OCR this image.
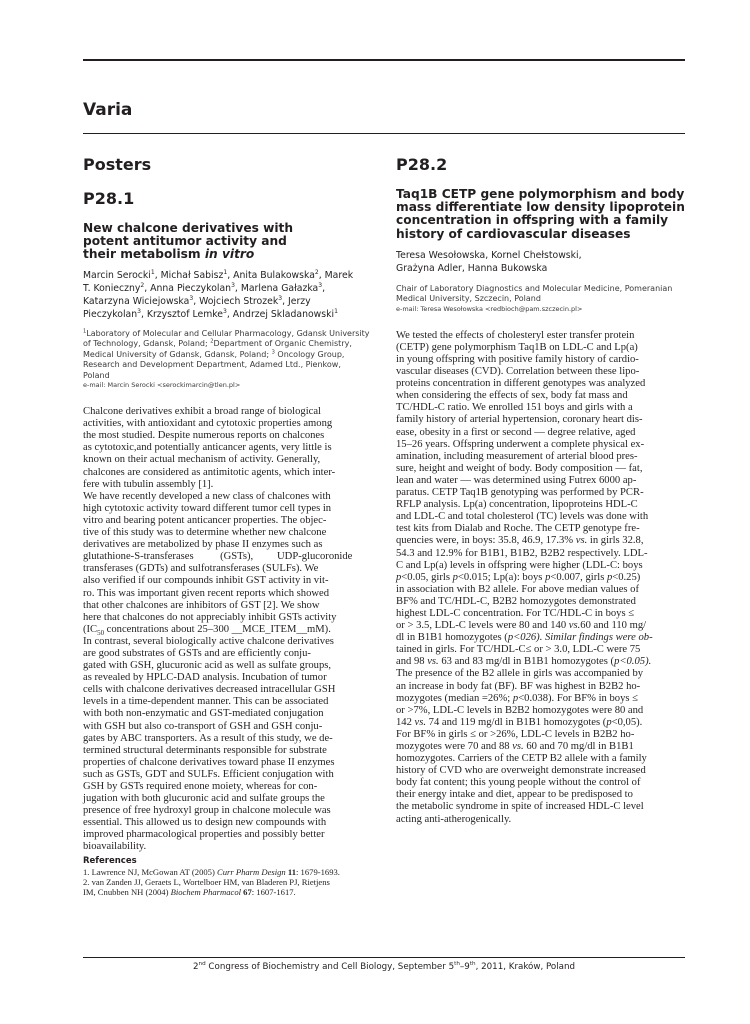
Varia
Posters
P28.1
New chalcone derivatives with
potent antitumor activity and
their metabolism in vitro
Marcin Serocki$^1$, Michał Sabisz$^1$, Anita Bulakowska$^2$, Marek
T. Konieczny$^2$, Anna Pieczykolan$^3$, Marlena Gałazka$^3$,
Katarzyna Wiciejowska$^3$, Wojciech Strozek$^3$, Jerzy
Pieczykolan$^3$, Krzysztof Lemke$^3$, Andrzej Skladanowski$^1$
$^1$Laboratory of Molecular and Cellular Pharmacology, Gdansk University
of Technology, Gdansk, Poland; $^2$Department of Organic Chemistry,
Medical University of Gdansk, Gdansk, Poland; $^3$ Oncology Group,
Research and Development Department, Adamed Ltd., Pienkow,
Poland
e-mail: Marcin Serocki <serockimarcin@tlen.pl>
Chalcone derivatives exhibit a broad range of biological
activities, with antioxidant and cytotoxic properties among
the most studied. Despite numerous reports on chalcones
as cytotoxic,and potentially anticancer agents, very little is
known on their actual mechanism of activity. Generally,
chalcones are considered as antimitotic agents, which inter-
fere with tubulin assembly [1].
We have recently developed a new class of chalcones with
high cytotoxic activity toward different tumor cell types in
vitro and bearing potent anticancer properties. The objec-
tive of this study was to determine whether new chalcone
derivatives are metabolized by phase II enzymes such as
glutathione-S-transferases          (GSTs),         UDP-glucoronide
transferases (GDTs) and sulfotransferases (SULFs). We
also verified if our compounds inhibit GST activity in vit-
ro. This was important given recent reports which showed
that other chalcones are inhibitors of GST [2]. We show
here that chalcones do not appreciably inhibit GSTs activity
($IC_{50}$ concentrations about 25–300 __MCE_ITEM__mM).
In contrast, several biologically active chalcone derivatives
are good substrates of GSTs and are efficiently conju-
gated with GSH, glucuronic acid as well as sulfate groups,
as revealed by HPLC-DAD analysis. Incubation of tumor
cells with chalcone derivatives decreased intracellular GSH
levels in a time-dependent manner. This can be associated
with both non-enzymatic and GST-mediated conjugation
with GSH but also co-transport of GSH and GSH conju-
gates by ABC transporters. As a result of this study, we de-
termined structural determinants responsible for substrate
properties of chalcone derivatives toward phase II enzymes
such as GSTs, GDT and SULFs. Efficient conjugation with
GSH by GSTs required enone moiety, whereas for con-
jugation with both glucuronic acid and sulfate groups the
presence of free hydroxyl group in chalcone molecule was
essential. This allowed us to design new compounds with
improved pharmacological properties and possibly better
bioavailability.
References
1. Lawrence NJ, McGowan AT (2005) Curr Pharm Design 11: 1679-1693.
2. van Zanden JJ, Geraets L, Wortelboer HM, van Bladeren PJ, Rietjens
IM, Cnubben NH (2004) Biochem Pharmacol 67: 1607-1617.
P28.2
Taq1B CETP gene polymorphism and body
mass differentiate low density lipoprotein
concentration in offspring with a family
history of cardiovascular diseases
Teresa Wesołowska, Kornel Chełstowski,
Grażyna Adler, Hanna Bukowska
Chair of Laboratory Diagnostics and Molecular Medicine, Pomeranian
Medical University, Szczecin, Poland
e-mail: Teresa Wesołowska <redbioch@pam.szczecin.pl>
We tested the effects of cholesteryl ester transfer protein
(CETP) gene polymorphism Taq1B on LDL-C and Lp(a)
in young offspring with positive family history of cardio-
vascular diseases (CVD). Correlation between these lipo-
proteins concentration in different genotypes was analyzed
when considering the effects of sex, body fat mass and
TC/HDL-C ratio. We enrolled 151 boys and girls with a
family history of arterial hypertension, coronary heart dis-
ease, obesity in a first or second — degree relative, aged
15–26 years. Offspring underwent a complete physical ex-
amination, including measurement of arterial blood pres-
sure, height and weight of body. Body composition — fat,
lean and water — was determined using Futrex 6000 ap-
paratus. CETP Taq1B genotyping was performed by PCR-
RFLP analysis. Lp(a) concentration, lipoproteins HDL-C
and LDL-C and total cholesterol (TC) levels was done with
test kits from Dialab and Roche. The CETP genotype fre-
quencies were, in boys: 35.8, 46.9, 17.3% vs. in girls 32.8,
54.3 and 12.9% for B1B1, B1B2, B2B2 respectively. LDL-
C and Lp(a) levels in offspring were higher (LDL-C: boys
p<0.05, girls p<0.015; Lp(a): boys p<0.007, girls p<0.25)
in association with B2 allele. For above median values of
BF% and TC/HDL-C, B2B2 homozygotes demonstrated
highest LDL-C concentration. For TC/HDL-C in boys ≤
or > 3.5, LDL-C levels were 80 and 140 vs.60 and 110 mg/
dl in B1B1 homozygotes (p<026). Similar findings were ob-
tained in girls. For TC/HDL-C≤ or > 3.0, LDL-C were 75
and 98 vs. 63 and 83 mg/dl in B1B1 homozygotes (p<0.05).
The presence of the B2 allele in girls was accompanied by
an increase in body fat (BF). BF was highest in B2B2 ho-
mozygotes (median =26%; p<0.038). For BF% in boys ≤
or >7%, LDL-C levels in B2B2 homozygotes were 80 and
142 vs. 74 and 119 mg/dl in B1B1 homozygotes (p<0,05).
For BF% in girls ≤ or >26%, LDL-C levels in B2B2 ho-
mozygotes were 70 and 88 vs. 60 and 70 mg/dl in B1B1
homozygotes. Carriers of the CETP B2 allele with a family
history of CVD who are overweight demonstrate increased
body fat content; this young people without the control of
their energy intake and diet, appear to be predisposed to
the metabolic syndrome in spite of increased HDL-C level
acting anti-atherogenically.
2nd Congress of Biochemistry and Cell Biology, September 5th–9th, 2011, Kraków, Poland
